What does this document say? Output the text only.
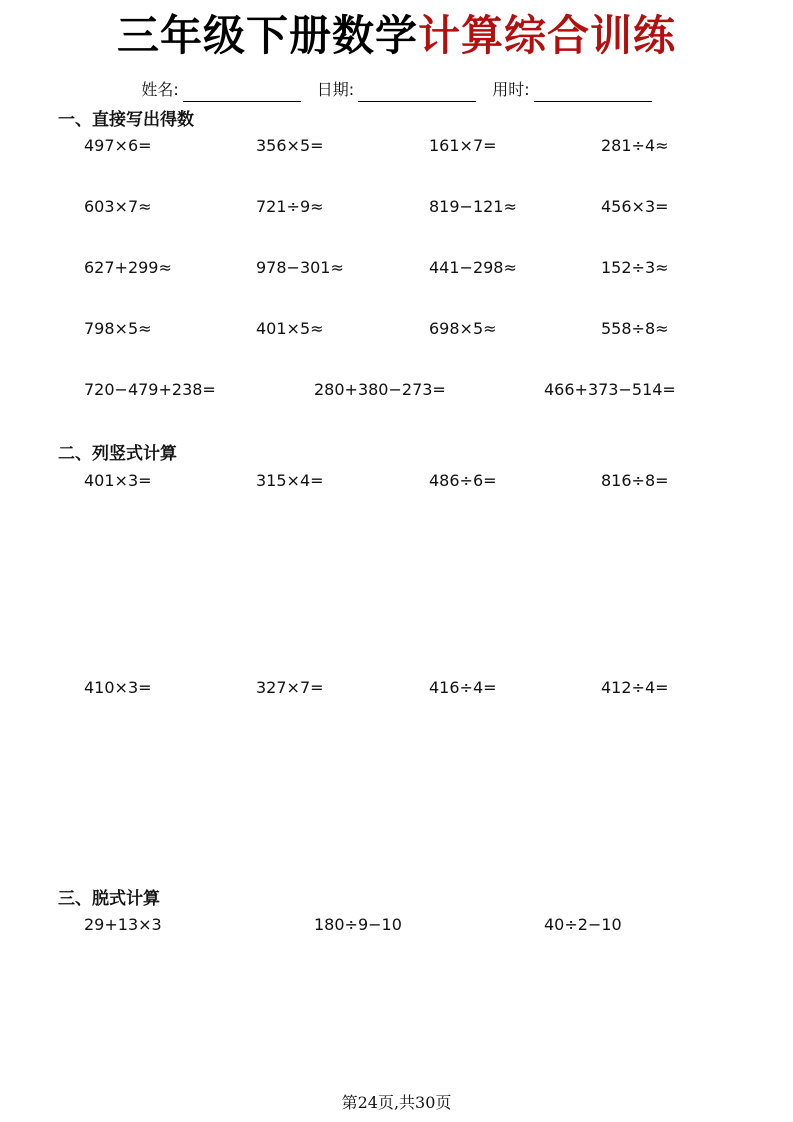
三年级下册数学计算综合训练
姓名:	日期:	用时:
一、直接写出得数
497×6=	356×5=	161×7=	281÷4≈
603×7≈	721÷9≈	819−121≈	456×3=
627+299≈	978−301≈	441−298≈	152÷3≈
798×5≈	401×5≈	698×5≈	558÷8≈
720−479+238=	280+380−273=	466+373−514=
二、列竖式计算
401×3=	315×4=	486÷6=	816÷8=
410×3=	327×7=	416÷4=	412÷4=
三、脱式计算
29+13×3	180÷9−10	40÷2−10
第24页,共30页
